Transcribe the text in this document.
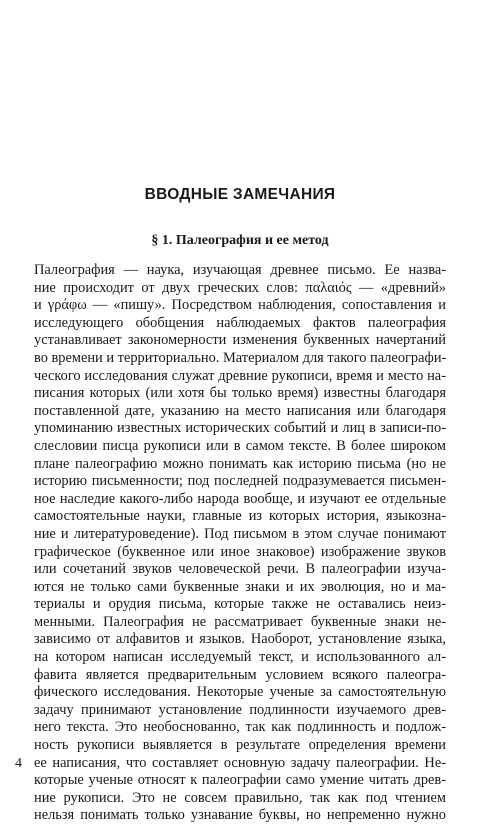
ВВОДНЫЕ ЗАМЕЧАНИЯ
§ 1. Палеография и ее метод
Палеография — наука, изучающая древнее письмо. Ее назва-
ние происходит от двух греческих слов: παλαιός — «древний»
и γράφω — «пишу». Посредством наблюдения, сопоставления и
исследующего обобщения наблюдаемых фактов палеография
устанавливает закономерности изменения буквенных начертаний
во времени и территориально. Материалом для такого палеографи-
ческого исследования служат древние рукописи, время и место на-
писания которых (или хотя бы только время) известны благодаря
поставленной дате, указанию на место написания или благодаря
упоминанию известных исторических событий и лиц в записи-по-
слесловии писца рукописи или в самом тексте. В более широком
плане палеографию можно понимать как историю письма (но не
историю письменности; под последней подразумевается письмен-
ное наследие какого-либо народа вообще, и изучают ее отдельные
самостоятельные науки, главные из которых история, языкозна-
ние и литературоведение). Под письмом в этом случае понимают
графическое (буквенное или иное знаковое) изображение звуков
или сочетаний звуков человеческой речи. В палеографии изуча-
ются не только сами буквенные знаки и их эволюция, но и ма-
териалы и орудия письма, которые также не оставались неиз-
менными. Палеография не рассматривает буквенные знаки не-
зависимо от алфавитов и языков. Наоборот, установление языка,
на котором написан исследуемый текст, и использованного ал-
фавита является предварительным условием всякого палеогра-
фического исследования. Некоторые ученые за самостоятельную
задачу принимают установление подлинности изучаемого древ-
него текста. Это необоснованно, так как подлинность и подлож-
ность рукописи выявляется в результате определения времени
ее написания, что составляет основную задачу палеографии. Не-
которые ученые относят к палеографии само умение читать древ-
ние рукописи. Это не совсем правильно, так как под чтением
нельзя понимать только узнавание буквы, но непременно нужно
4
